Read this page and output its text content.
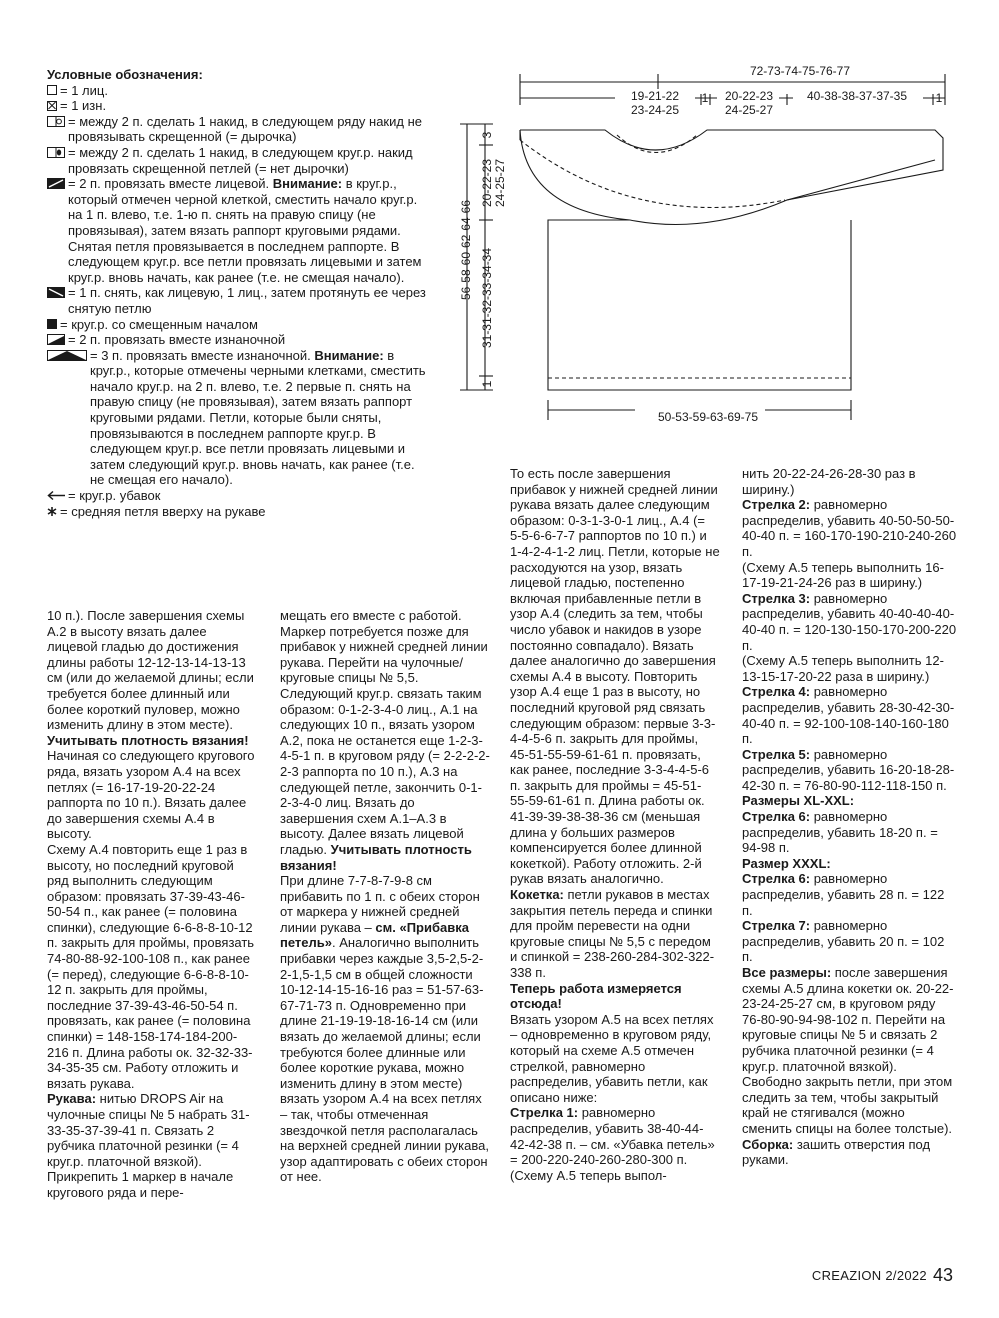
Условные обозначения:
= 1 лиц.
= 1 изн.
= между 2 п. сделать 1 накид, в следующем ряду накид не провязывать скрещенной (= дырочка)
= между 2 п. сделать 1 накид, в следующем круг.р. накид провязать скрещенной петлей (= нет дырочки)
= 2 п. провязать вместе лицевой. Внимание: в круг.р., который отмечен черной клеткой, сместить начало круг.р. на 1 п. влево, т.е. 1-ю п. снять на правую спицу (не провязывая), затем вязать раппорт круговыми рядами. Снятая петля провязывается в последнем раппорте. В следующем круг.р. все петли провязать лицевыми и затем круг.р. вновь начать, как ранее (т.е. не смещая начало).
= 1 п. снять, как лицевую, 1 лиц., затем протянуть ее через снятую петлю
= круг.р. со смещенным началом
= 2 п. провязать вместе изнаночной
= 3 п. провязать вместе изнаночной. Внимание: в круг.р., которые отмечены черными клетками, сместить начало круг.р. на 2 п. влево, т.е. 2 первые п. снять на правую спицу (не провязывая), затем вязать раппорт круговыми рядами. Петли, которые были сняты, провязываются в последнем раппорте круг.р. В следующем круг.р. все петли провязать лицевыми и затем следующий круг.р. вновь начать, как ранее (т.е. не смещая его начало).
= круг.р. убавок
= средняя петля вверху на рукаве
72-73-74-75-76-77
19-21-22
23-24-25
1 20-22-23
24-25-27
40-38-38-37-37-35 1
50-53-59-63-69-75
56-58-60-62-64-66 31-31-32-33-34-34
3
20-22-23 24-25-27
1

10 п.). После завершения схемы А.2 в высоту вязать далее лицевой гладью до достижения длины работы 12-12-13-14-13-13 см (или до желаемой длины; если требуется более длинный или более короткий пуловер, можно изменить длину в этом месте). Учитывать плотность вязания! Начиная со следующего кругового ряда, вязать узором А.4 на всех петлях (= 16-17-19-20-22-24 раппорта по 10 п.). Вязать далее до завершения схемы А.4 в высоту.

Схему А.4 повторить еще 1 раз в высоту, но последний круговой ряд выполнить следующим образом: провязать 37-39-43-46-50-54 п., как ранее (= половина спинки), следующие 6-6-8-8-10-12 п. закрыть для проймы, провязать 74-80-88-92-100-108 п., как ранее (= перед), следующие 6-6-8-8-10-12 п. закрыть для проймы, последние 37-39-43-46-50-54 п. провязать, как ранее (= половина спинки) = 148-158-174-184-200-216 п. Длина работы ок. 32-32-33-34-35-35 см. Работу отложить и вязать рукава.

Рукава: нитью DROPS Air на чулочные спицы № 5 набрать 31-33-35-37-39-41 п. Связать 2 рубчика платочной резинки (= 4 круг.р. платочной вязкой). Прикрепить 1 маркер в начале кругового ряда и пере-

мещать его вместе с работой. Маркер потребуется позже для прибавок у нижней средней линии рукава. Перейти на чулочные/круговые спицы № 5,5.

Следующий круг.р. связать таким образом: 0-1-2-3-4-0 лиц., А.1 на следующих 10 п., вязать узором А.2, пока не останется еще 1-2-3-4-5-1 п. в круговом ряду (= 2-2-2-2-2-3 раппорта по 10 п.), А.3 на следующей петле, закончить 0-1-2-3-4-0 лиц. Вязать до завершения схем А.1–А.3 в высоту. Далее вязать лицевой гладью. Учитывать плотность вязания!

При длине 7-7-8-7-9-8 см прибавить по 1 п. с обеих сторон от маркера у нижней средней линии рукава – см. «Прибавка петель». Аналогично выполнить прибавки через каждые 3,5-2,5-2-2-1,5-1,5 см в общей сложности 10-12-14-15-16-16 раз = 51-57-63-67-71-73 п. Одновременно при длине 21-19-19-18-16-14 см (или вязать до желаемой длины; если требуются более длинные или более короткие рукава, можно изменить длину в этом месте) вязать узором А.4 на всех петлях – так, чтобы отмеченная звездочкой петля располагалась на верхней средней линии рукава, узор адаптировать с обеих сторон от нее.

То есть после завершения прибавок у нижней средней линии рукава вязать далее следующим образом: 0-3-1-3-0-1 лиц., А.4 (= 5-5-6-6-7-7 раппортов по 10 п.) и 1-4-2-4-1-2 лиц. Петли, которые не расходуются на узор, вязать лицевой гладью, постепенно включая прибавленные петли в узор А.4 (следить за тем, чтобы число убавок и накидов в узоре постоянно совпадало). Вязать далее аналогично до завершения схемы А.4 в высоту. Повторить узор А.4 еще 1 раз в высоту, но последний круговой ряд связать следующим образом: первые 3-3-4-4-5-6 п. закрыть для проймы, 45-51-55-59-61-61 п. провязать, как ранее, последние 3-3-4-4-5-6 п. закрыть для проймы = 45-51-55-59-61-61 п. Длина работы ок. 41-39-39-38-38-36 см (меньшая длина у больших размеров компенсируется более длинной кокеткой). Работу отложить. 2-й рукав вязать аналогично.

Кокетка: петли рукавов в местах закрытия петель переда и спинки для пройм перевести на одни круговые спицы № 5,5 с передом и спинкой = 238-260-284-302-322-338 п.

Теперь работа измеряется отсюда!

Вязать узором А.5 на всех петлях – одновременно в круговом ряду, который на схеме А.5 отмечен стрелкой, равномерно распределив, убавить петли, как описано ниже:

Стрелка 1: равномерно распределив, убавить 38-40-44-42-42-38 п. – см. «Убавка петель» = 200-220-240-260-280-300 п.

(Схему А.5 теперь выпол-

нить 20-22-24-26-28-30 раз в ширину.)

Стрелка 2: равномерно распределив, убавить 40-50-50-50-40-40 п. = 160-170-190-210-240-260 п.

(Схему А.5 теперь выполнить 16-17-19-21-24-26 раз в ширину.)

Стрелка 3: равномерно распределив, убавить 40-40-40-40-40-40 п. = 120-130-150-170-200-220 п.

(Схему А.5 теперь выполнить 12-13-15-17-20-22 раза в ширину.)

Стрелка 4: равномерно распределив, убавить 28-30-42-30-40-40 п. = 92-100-108-140-160-180 п.

Стрелка 5: равномерно распределив, убавить 16-20-18-28-42-30 п. = 76-80-90-112-118-150 п.

Размеры XL-XXL:

Стрелка 6: равномерно распределив, убавить 18-20 п. = 94-98 п.

Размер XXXL:

Стрелка 6: равномерно распределив, убавить 28 п. = 122 п.

Стрелка 7: равномерно распределив, убавить 20 п. = 102 п.

Все размеры: после завершения схемы А.5 длина кокетки ок. 20-22-23-24-25-27 см, в круговом ряду 76-80-90-94-98-102 п. Перейти на круговые спицы № 5 и связать 2 рубчика платочной резинки (= 4 круг.р. платочной вязкой). Свободно закрыть петли, при этом следить за тем, чтобы закрытый край не стягивался (можно сменить спицы на более толстые).

Сборка: зашить отверстия под руками.

CREAZION 2/2022 43
